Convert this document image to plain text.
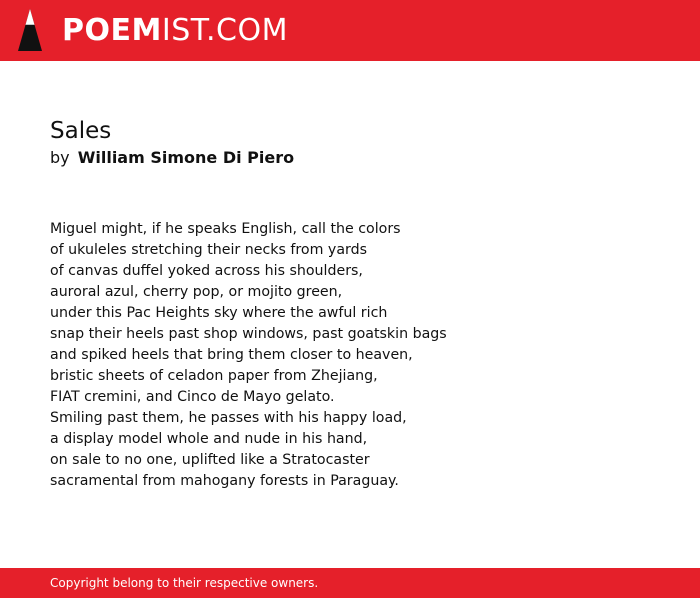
POEMIST.COM
Sales
by William Simone Di Piero
Miguel might, if he speaks English, call the colors
of ukuleles stretching their necks from yards
of canvas duffel yoked across his shoulders,
auroral azul, cherry pop, or mojito green,
under this Pac Heights sky where the awful rich
snap their heels past shop windows, past goatskin bags
and spiked heels that bring them closer to heaven,
bristic sheets of celadon paper from Zhejiang,
FIAT cremini, and Cinco de Mayo gelato.
Smiling past them, he passes with his happy load,
a display model whole and nude in his hand,
on sale to no one, uplifted like a Stratocaster
sacramental from mahogany forests in Paraguay.
Copyright belong to their respective owners.
